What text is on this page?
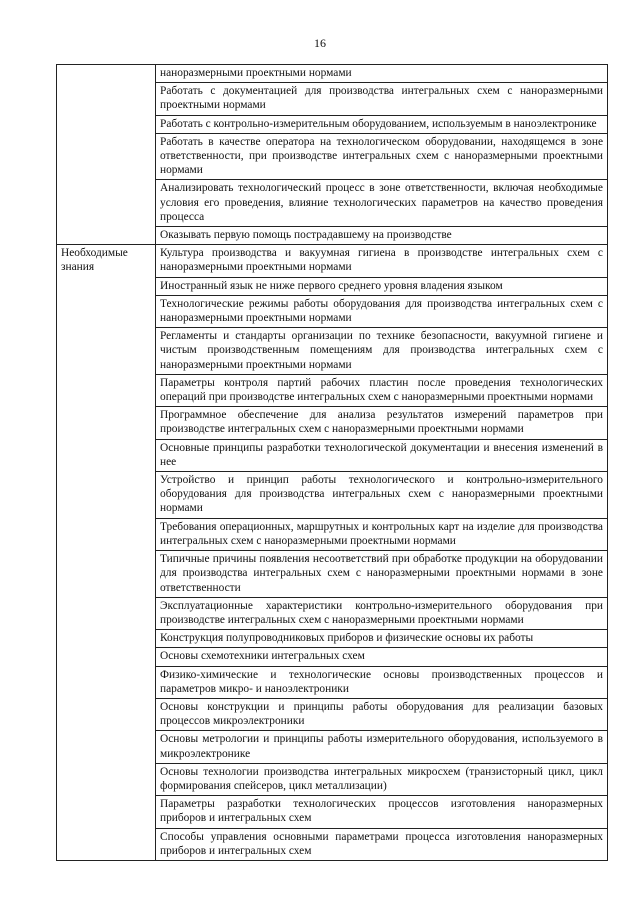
16
	наноразмерными проектными нормами
	Работать с документацией для производства интегральных схем с наноразмерными проектными нормами
	Работать с контрольно-измерительным оборудованием, используемым в наноэлектронике
	Работать в качестве оператора на технологическом оборудовании, находящемся в зоне ответственности, при производстве интегральных схем с наноразмерными проектными нормами
	Анализировать технологический процесс в зоне ответственности, включая необходимые условия его проведения, влияние технологических параметров на качество проведения процесса
	Оказывать первую помощь пострадавшему на производстве
Необходимые знания	Культура производства и вакуумная гигиена в производстве интегральных схем с наноразмерными проектными нормами
	Иностранный язык не ниже первого среднего уровня владения языком
	Технологические режимы работы оборудования для производства интегральных схем с наноразмерными проектными нормами
	Регламенты и стандарты организации по технике безопасности, вакуумной гигиене и чистым производственным помещениям для производства интегральных схем с наноразмерными проектными нормами
	Параметры контроля партий рабочих пластин после проведения технологических операций при производстве интегральных схем с наноразмерными проектными нормами
	Программное обеспечение для анализа результатов измерений параметров при производстве интегральных схем с наноразмерными проектными нормами
	Основные принципы разработки технологической документации и внесения изменений в нее
	Устройство и принцип работы технологического и контрольно-измерительного оборудования для производства интегральных схем с наноразмерными проектными нормами
	Требования операционных, маршрутных и контрольных карт на изделие для производства интегральных схем с наноразмерными проектными нормами
	Типичные причины появления несоответствий при обработке продукции на оборудовании для производства интегральных схем с наноразмерными проектными нормами в зоне ответственности
	Эксплуатационные характеристики контрольно-измерительного оборудования при производстве интегральных схем с наноразмерными проектными нормами
	Конструкция полупроводниковых приборов и физические основы их работы
	Основы схемотехники интегральных схем
	Физико-химические и технологические основы производственных процессов и параметров микро- и наноэлектроники
	Основы конструкции и принципы работы оборудования для реализации базовых процессов микроэлектроники
	Основы метрологии и принципы работы измерительного оборудования, используемого в микроэлектронике
	Основы технологии производства интегральных микросхем (транзисторный цикл, цикл формирования спейсеров, цикл металлизации)
	Параметры разработки технологических процессов изготовления наноразмерных приборов и интегральных схем
	Способы управления основными параметрами процесса изготовления наноразмерных приборов и интегральных схем
